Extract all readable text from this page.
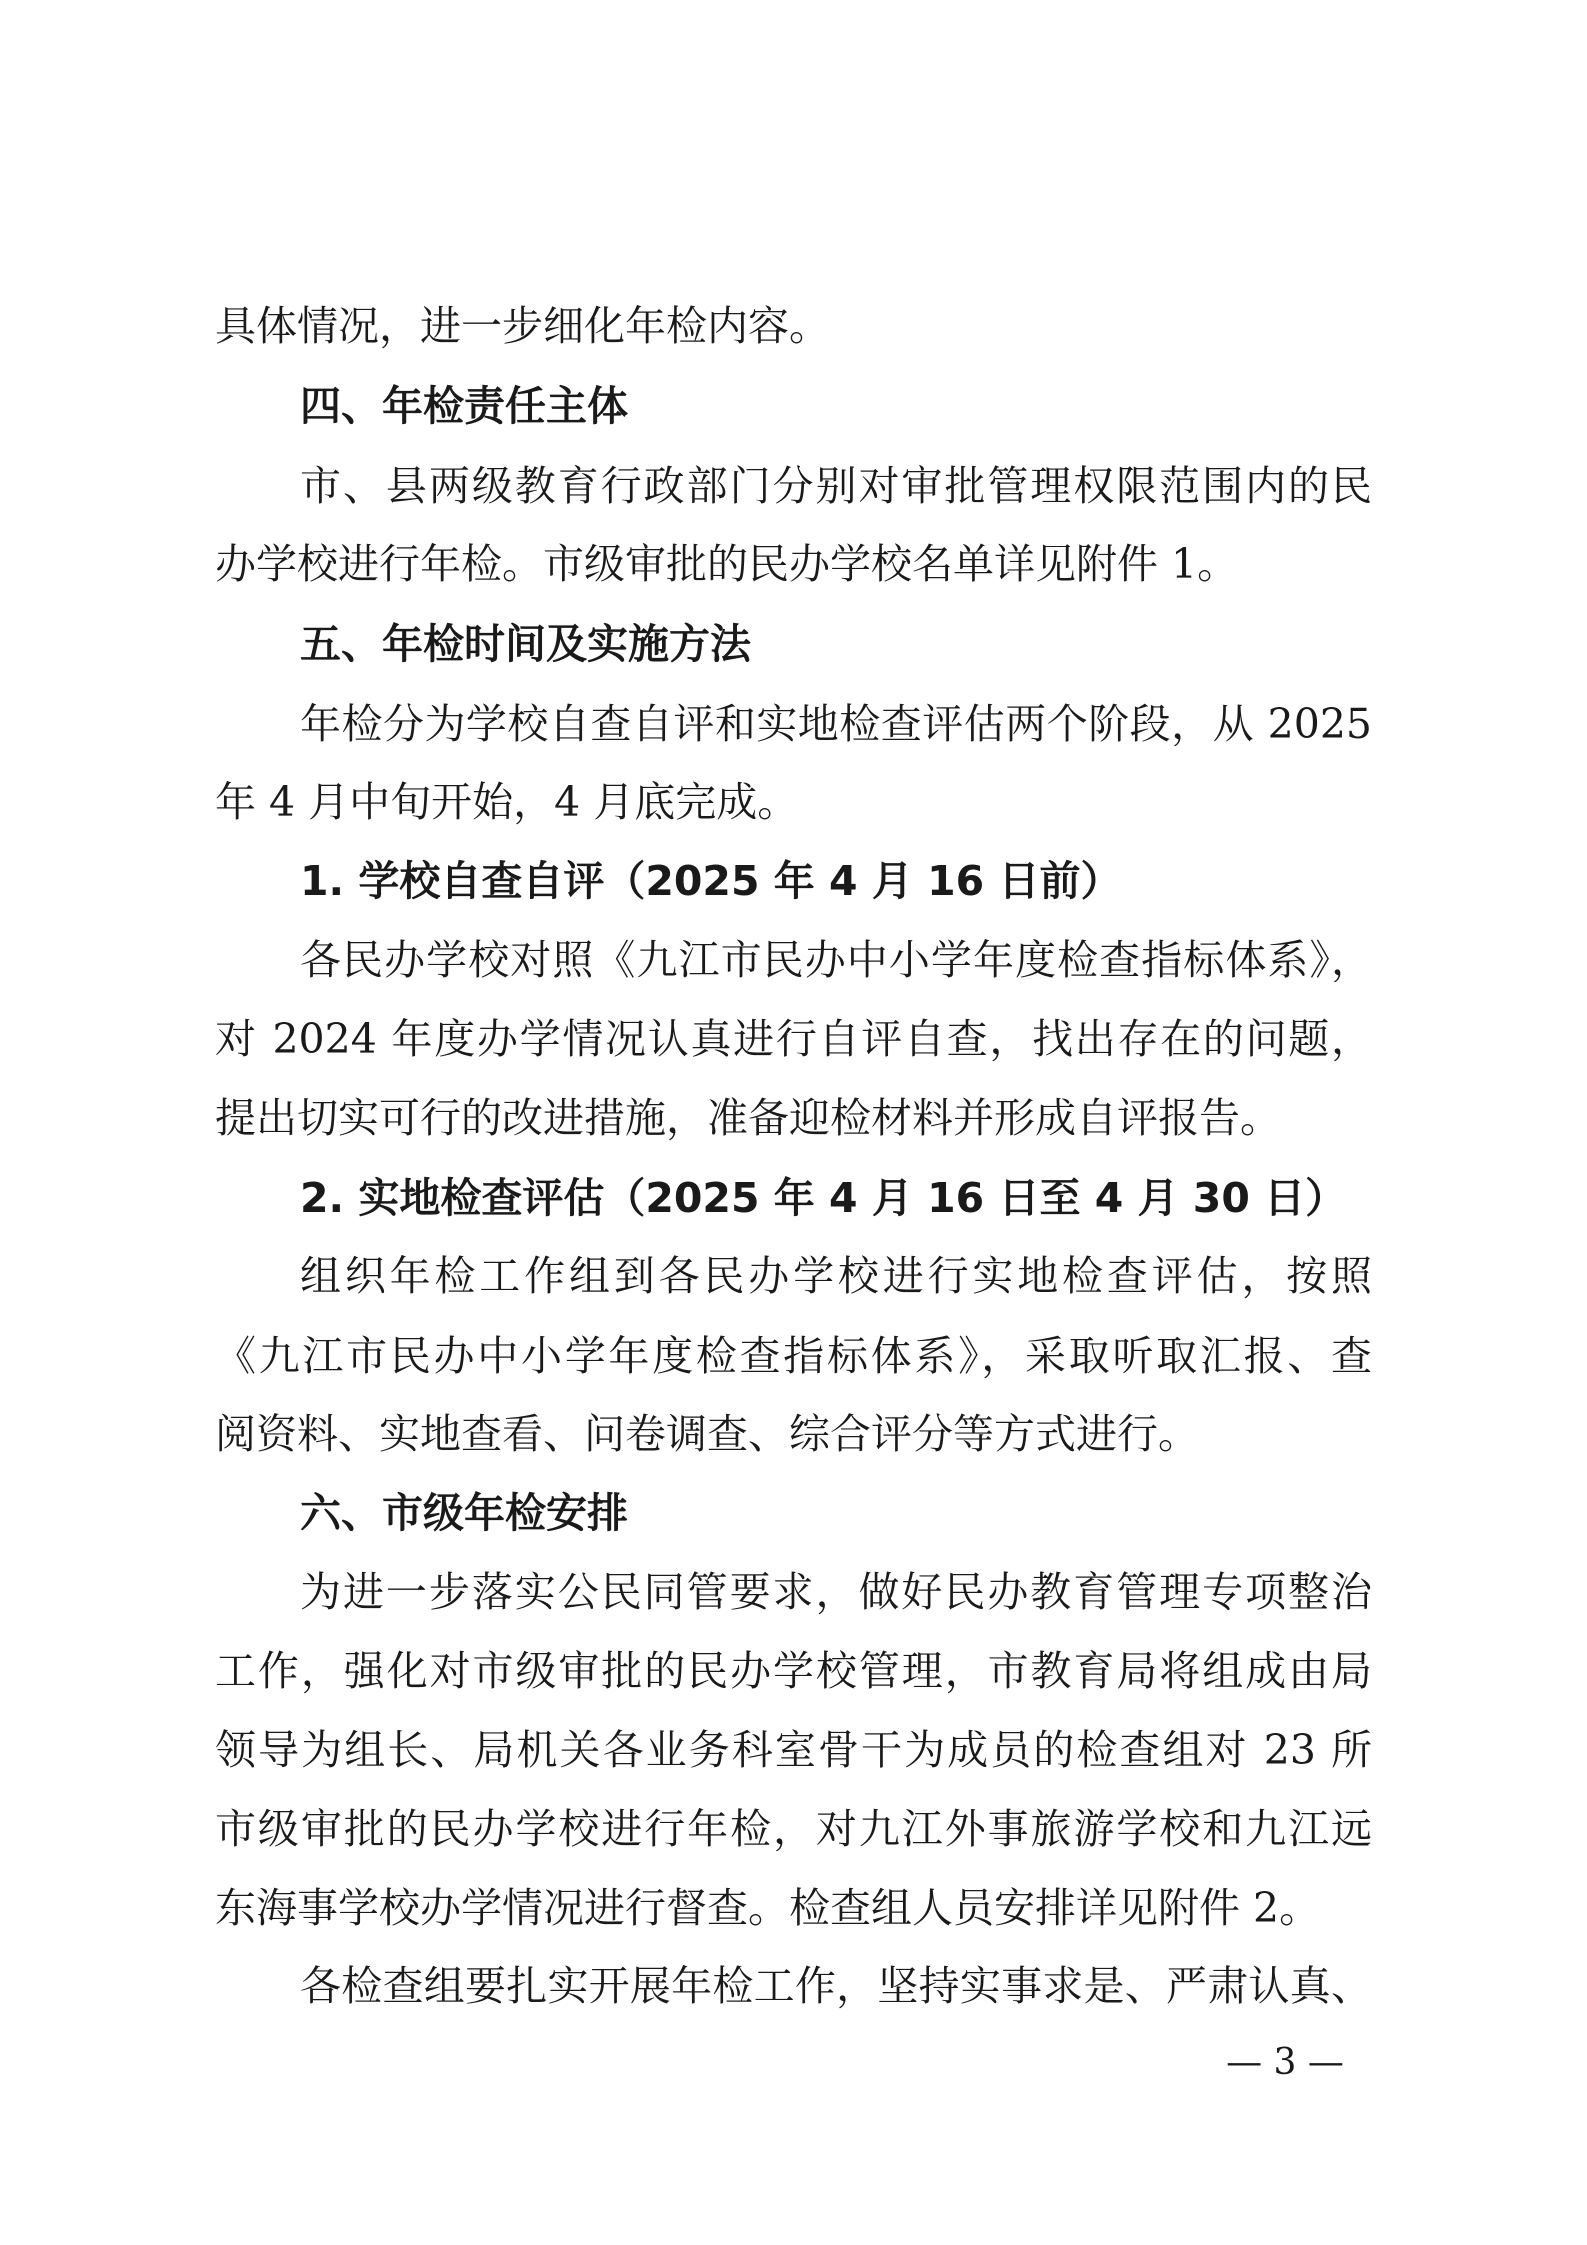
具体情况，进一步细化年检内容。
四、年检责任主体
市、县两级教育行政部门分别对审批管理权限范围内的民
办学校进行年检。市级审批的民办学校名单详见附件 1。
五、年检时间及实施方法
年检分为学校自查自评和实地检查评估两个阶段，从 2025
年 4 月中旬开始，4 月底完成。
1. 学校自查自评（2025 年 4 月 16 日前）
各民办学校对照《九江市民办中小学年度检查指标体系》，
对 2024 年度办学情况认真进行自评自查，找出存在的问题，
提出切实可行的改进措施，准备迎检材料并形成自评报告。
2. 实地检查评估（2025 年 4 月 16 日至 4 月 30 日）
组织年检工作组到各民办学校进行实地检查评估，按照
《九江市民办中小学年度检查指标体系》，采取听取汇报、查
阅资料、实地查看、问卷调查、综合评分等方式进行。
六、市级年检安排
为进一步落实公民同管要求，做好民办教育管理专项整治
工作，强化对市级审批的民办学校管理，市教育局将组成由局
领导为组长、局机关各业务科室骨干为成员的检查组对 23 所
市级审批的民办学校进行年检，对九江外事旅游学校和九江远
东海事学校办学情况进行督查。检查组人员安排详见附件 2。
各检查组要扎实开展年检工作，坚持实事求是、严肃认真、
— 3 —
